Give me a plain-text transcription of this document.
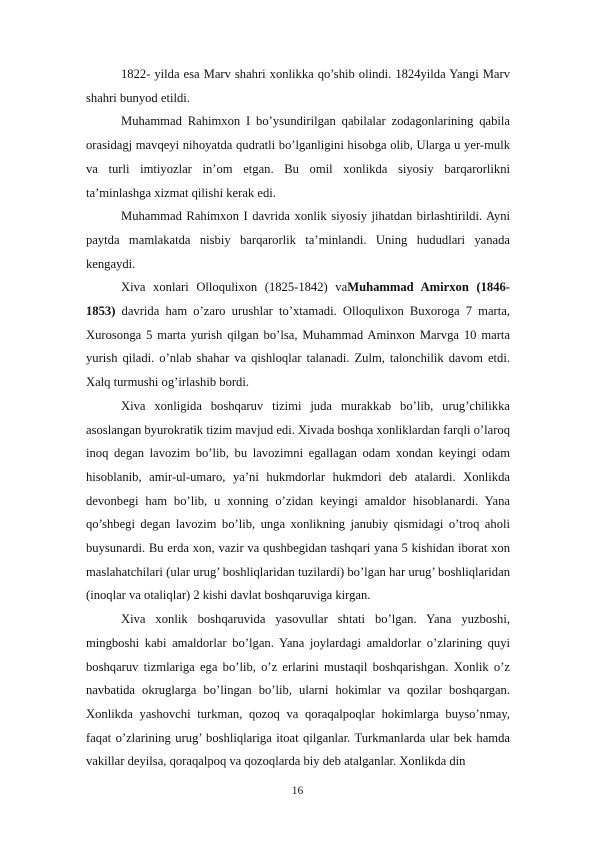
1822- yilda esa Marv shahri xonlikka qo’shib olindi. 1824yilda Yangi Marv shahri bunyod etildi.

Muhammad Rahimxon I bo’ysundirilgan qabilalar zodagonlarining qabila orasidagj mavqeyi nihoyatda qudratli bo’lganligini hisobga olib, Ularga u yer-mulk va turli imtiyozlar in’om etgan. Bu omil xonlikda siyosiy barqarorlikni ta’minlashga xizmat qilishi kerak edi.

Muhammad Rahimxon I davrida xonlik siyosiy jihatdan birlashtirildi. Ayni paytda mamlakatda nisbiy barqarorlik ta’minlandi. Uning hududlari yanada kengaydi.

Xiva xonlari Olloqulixon (1825-1842) vaMuhammad Amirxon (1846-1853) davrida ham o’zaro urushlar to’xtamadi. Olloqulixon Buxoroga 7 marta, Xurosonga 5 marta yurish qilgan bo’lsa, Muhammad Aminxon Marvga 10 marta yurish qiladi. o’nlab shahar va qishloqlar talanadi. Zulm, talonchilik davom etdi. Xalq turmushi og’irlashib bordi.

Xiva xonligida boshqaruv tizimi juda murakkab bo’lib, urug’chilikka asoslangan byurokratik tizim mavjud edi. Xivada boshqa xonliklardan farqli o’laroq inoq degan lavozim bo’lib, bu lavozimni egallagan odam xondan keyingi odam hisoblanib, amir-ul-umaro, ya’ni hukmdorlar hukmdori deb atalardi. Xonlikda devonbegi ham bo’lib, u xonning o’zidan keyingi amaldor hisoblanardi. Yana qo’shbegi degan lavozim bo’lib, unga xonlikning janubiy qismidagi o’troq aholi buysunardi. Bu erda xon, vazir va qushbegidan tashqari yana 5 kishidan iborat xon maslahatchilari (ular urug’ boshliqlaridan tuzilardi) bo’lgan har urug’ boshliqlaridan (inoqlar va otaliqlar) 2 kishi davlat boshqaruviga kirgan.

Xiva xonlik boshqaruvida yasovullar shtati bo’lgan. Yana yuzboshi, mingboshi kabi amaldorlar bo’lgan. Yana joylardagi amaldorlar o’zlarining quyi boshqaruv tizmlariga ega bo’lib, o’z erlarini mustaqil boshqarishgan. Xonlik o’z navbatida okruglarga bo’lingan bo’lib, ularni hokimlar va qozilar boshqargan. Xonlikda yashovchi turkman, qozoq va qoraqalpoqlar hokimlarga buyso’nmay, faqat o’zlarining urug’ boshliqlariga itoat qilganlar. Turkmanlarda ular bek hamda vakillar deyilsa, qoraqalpoq va qozoqlarda biy deb atalganlar. Xonlikda din

16
